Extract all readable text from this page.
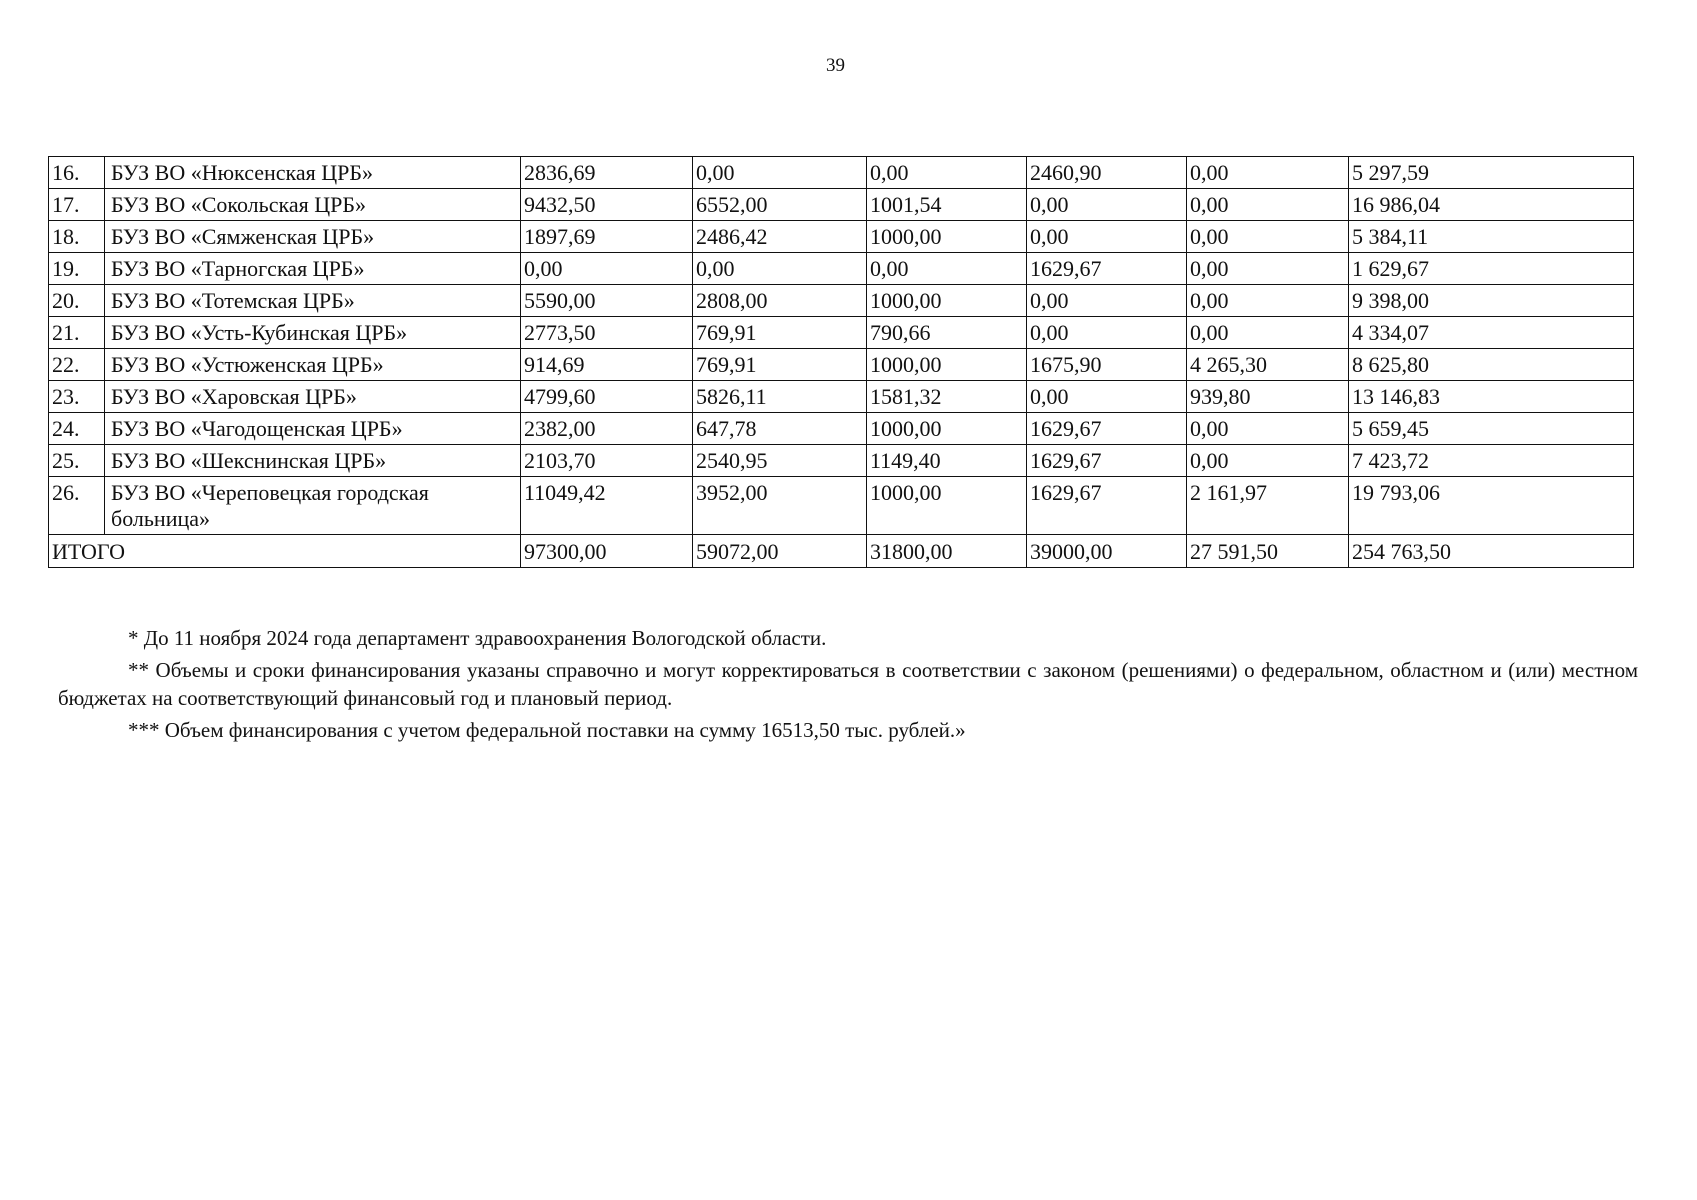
39
16.	БУЗ ВО «Нюксенская ЦРБ»	2836,69	0,00	0,00	2460,90	0,00	5 297,59
17.	БУЗ ВО «Сокольская ЦРБ»	9432,50	6552,00	1001,54	0,00	0,00	16 986,04
18.	БУЗ ВО «Сямженская ЦРБ»	1897,69	2486,42	1000,00	0,00	0,00	5 384,11
19.	БУЗ ВО «Тарногская ЦРБ»	0,00	0,00	0,00	1629,67	0,00	1 629,67
20.	БУЗ ВО «Тотемская ЦРБ»	5590,00	2808,00	1000,00	0,00	0,00	9 398,00
21.	БУЗ ВО «Усть-Кубинская ЦРБ»	2773,50	769,91	790,66	0,00	0,00	4 334,07
22.	БУЗ ВО «Устюженская ЦРБ»	914,69	769,91	1000,00	1675,90	4 265,30	8 625,80
23.	БУЗ ВО «Харовская ЦРБ»	4799,60	5826,11	1581,32	0,00	939,80	13 146,83
24.	БУЗ ВО «Чагодощенская ЦРБ»	2382,00	647,78	1000,00	1629,67	0,00	5 659,45
25.	БУЗ ВО «Шекснинская ЦРБ»	2103,70	2540,95	1149,40	1629,67	0,00	7 423,72
26.	БУЗ ВО «Череповецкая городская больница»	11049,42	3952,00	1000,00	1629,67	2 161,97	19 793,06
ИТОГО		97300,00	59072,00	31800,00	39000,00	27 591,50	254 763,50

* До 11 ноября 2024 года департамент здравоохранения Вологодской области.

** Объемы и сроки финансирования указаны справочно и могут корректироваться в соответствии с законом (решениями) о федеральном, областном и (или) местном бюджетах на соответствующий финансовый год и плановый период.

*** Объем финансирования с учетом федеральной поставки на сумму 16513,50 тыс. рублей.»
